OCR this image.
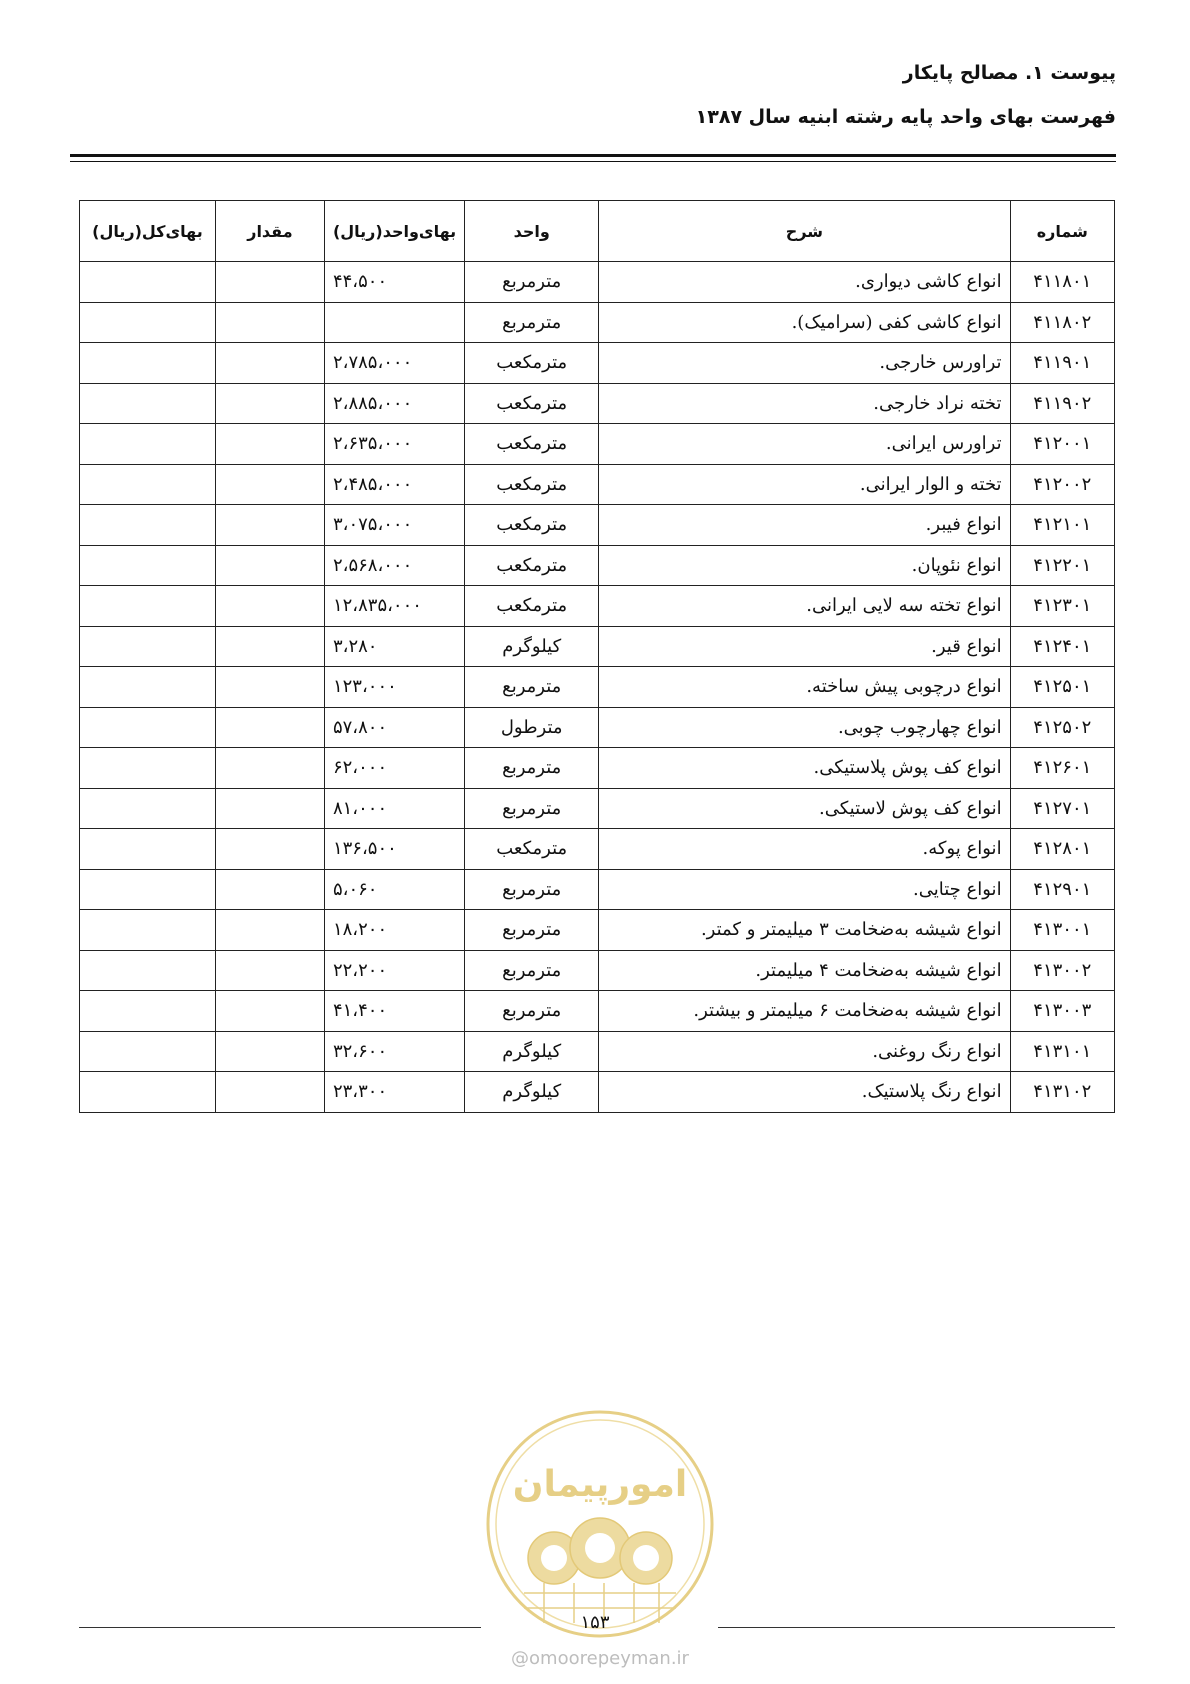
پیوست ۱. مصالح پایکار
فهرست بهای واحد پایه رشته ابنیه سال ۱۳۸۷
شماره	شرح	واحد	بهای‌واحد(ریال)	مقدار	بهای‌کل(ریال)
۴۱۱۸۰۱	انواع کاشی دیواری.	مترمربع	۴۴،۵۰۰		
۴۱۱۸۰۲	انواع کاشی کفی (سرامیک).	مترمربع			
۴۱۱۹۰۱	تراورس خارجی.	مترمکعب	۲،۷۸۵،۰۰۰		
۴۱۱۹۰۲	تخته نراد خارجی.	مترمکعب	۲،۸۸۵،۰۰۰		
۴۱۲۰۰۱	تراورس ایرانی.	مترمکعب	۲،۶۳۵،۰۰۰		
۴۱۲۰۰۲	تخته و الوار ایرانی.	مترمکعب	۲،۴۸۵،۰۰۰		
۴۱۲۱۰۱	انواع فیبر.	مترمکعب	۳،۰۷۵،۰۰۰		
۴۱۲۲۰۱	انواع نئوپان.	مترمکعب	۲،۵۶۸،۰۰۰		
۴۱۲۳۰۱	انواع تخته سه لایی ایرانی.	مترمکعب	۱۲،۸۳۵،۰۰۰		
۴۱۲۴۰۱	انواع قیر.	کیلوگرم	۳،۲۸۰		
۴۱۲۵۰۱	انواع درچوبی پیش ساخته.	مترمربع	۱۲۳،۰۰۰		
۴۱۲۵۰۲	انواع چهارچوب چوبی.	مترطول	۵۷،۸۰۰		
۴۱۲۶۰۱	انواع کف پوش پلاستیکی.	مترمربع	۶۲،۰۰۰		
۴۱۲۷۰۱	انواع کف پوش لاستیکی.	مترمربع	۸۱،۰۰۰		
۴۱۲۸۰۱	انواع پوکه.	مترمکعب	۱۳۶،۵۰۰		
۴۱۲۹۰۱	انواع چتایی.	مترمربع	۵،۰۶۰		
۴۱۳۰۰۱	انواع شیشه به‌ضخامت ۳ میلیمتر و کمتر.	مترمربع	۱۸،۲۰۰		
۴۱۳۰۰۲	انواع شیشه به‌ضخامت ۴ میلیمتر.	مترمربع	۲۲،۲۰۰		
۴۱۳۰۰۳	انواع شیشه به‌ضخامت ۶ میلیمتر و بیشتر.	مترمربع	۴۱،۴۰۰		
۴۱۳۱۰۱	انواع رنگ روغنی.	کیلوگرم	۳۲،۶۰۰		
۴۱۳۱۰۲	انواع رنگ پلاستیک.	کیلوگرم	۲۳،۳۰۰		
امورپیمان
۱۵۳
@omoorepeyman.ir
